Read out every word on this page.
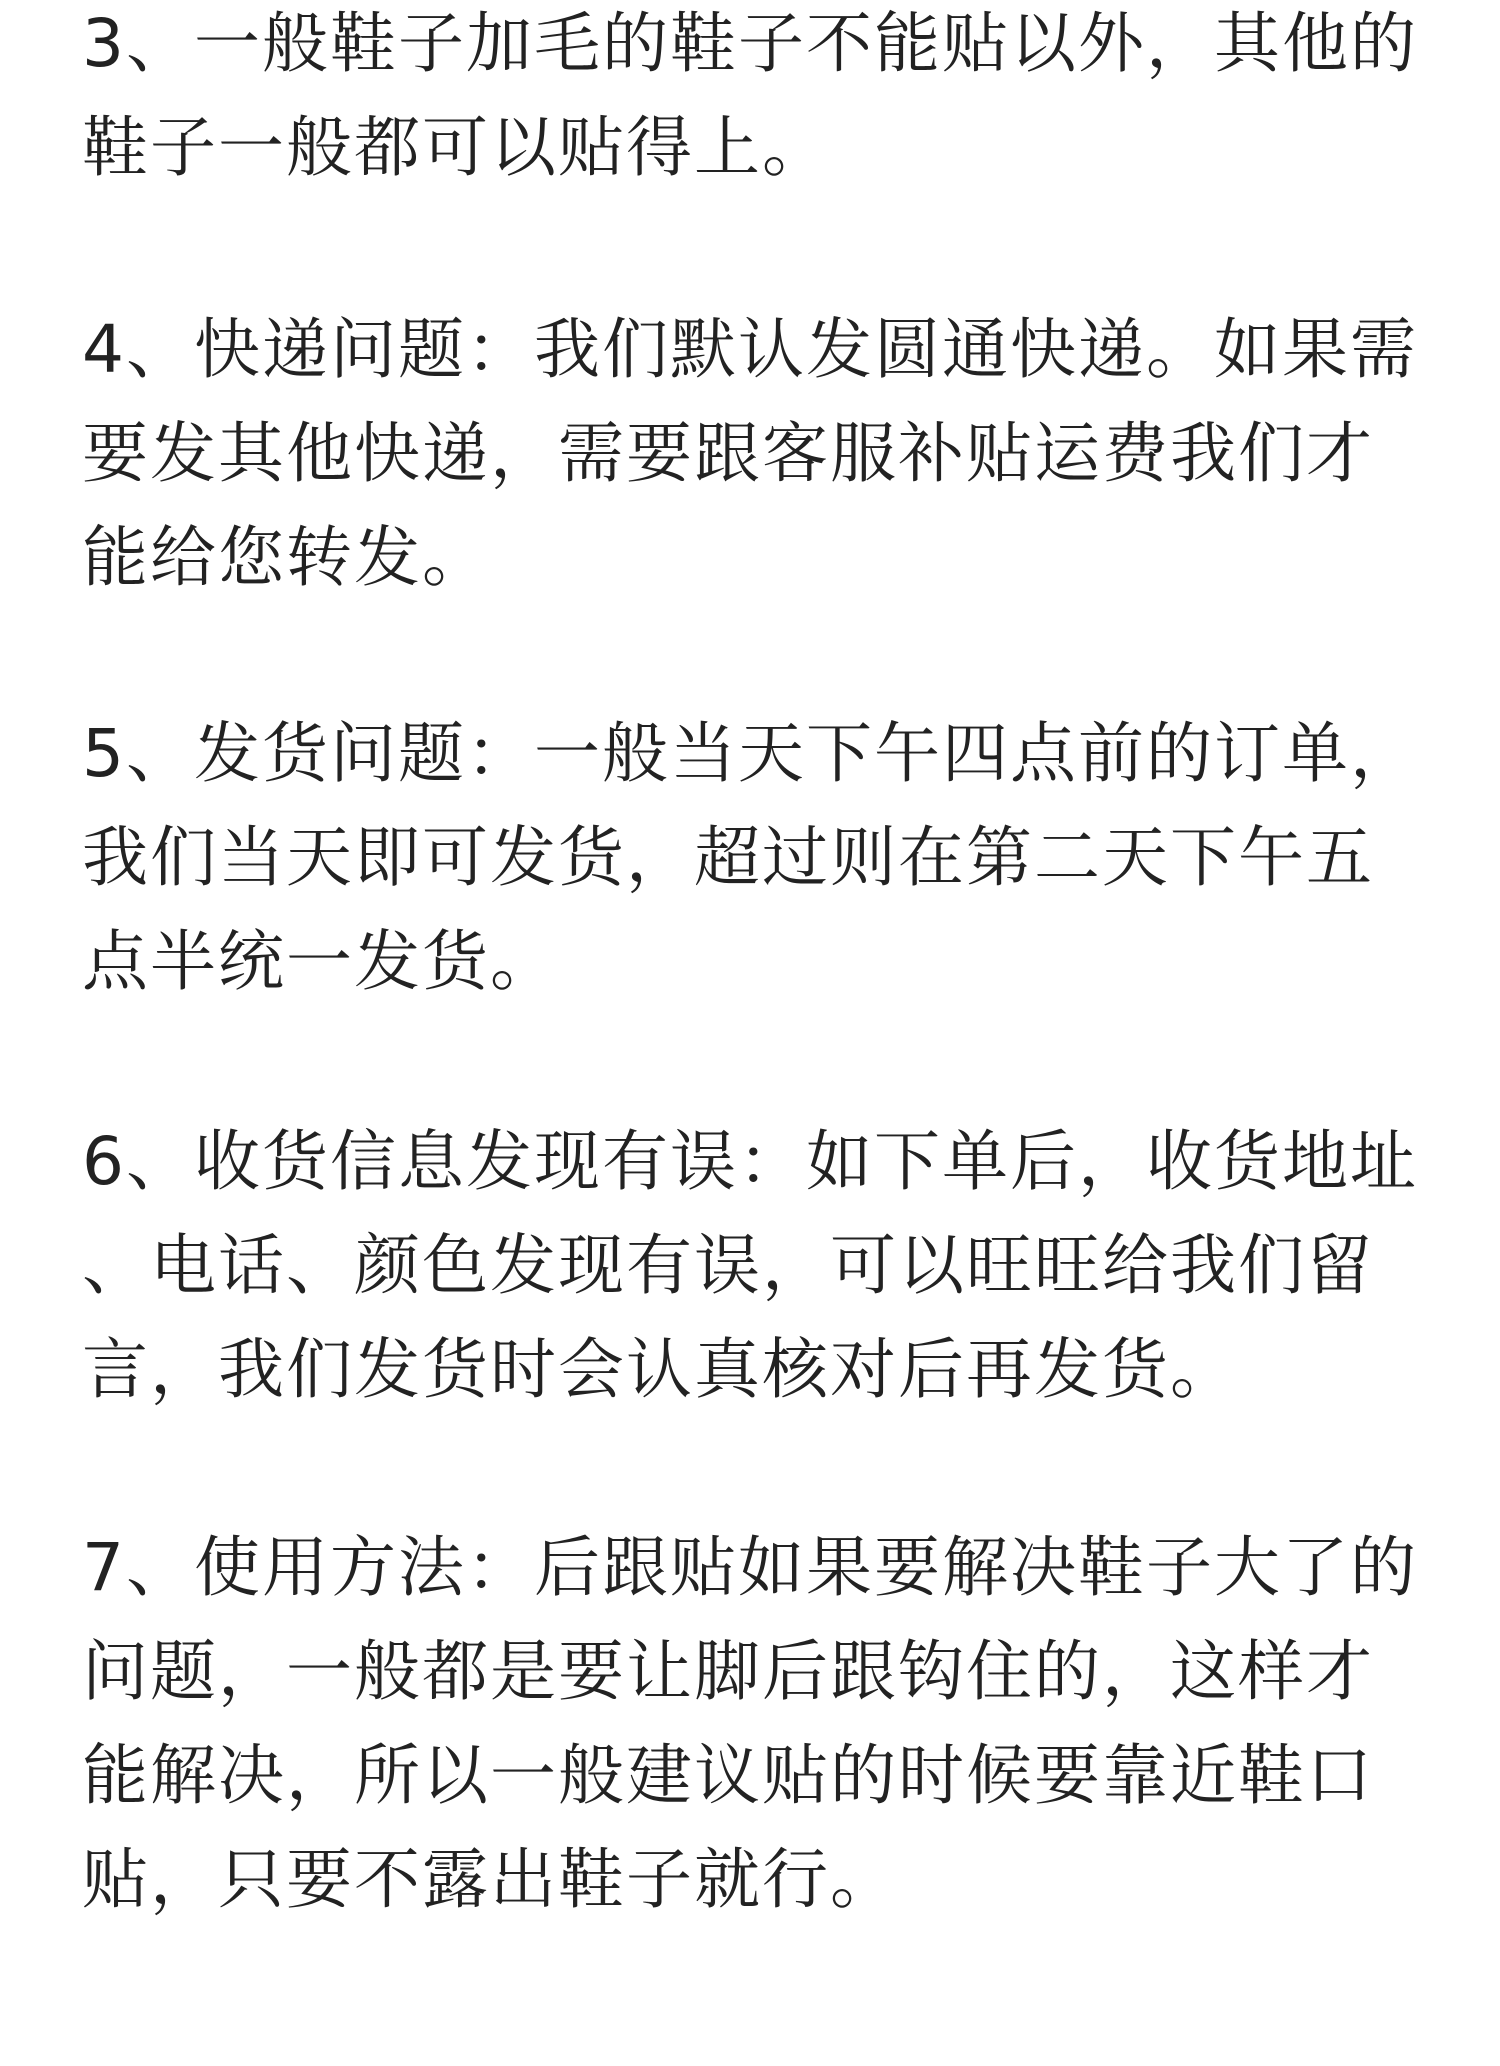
3、一般鞋子加毛的鞋子不能贴以外，其他的
鞋子一般都可以贴得上。
4、快递问题：我们默认发圆通快递。如果需
要发其他快递，需要跟客服补贴运费我们才
能给您转发。
5、发货问题：一般当天下午四点前的订单，
我们当天即可发货，超过则在第二天下午五
点半统一发货。
6、收货信息发现有误：如下单后，收货地址
、电话、颜色发现有误，可以旺旺给我们留
言，我们发货时会认真核对后再发货。
7、使用方法：后跟贴如果要解决鞋子大了的
问题，一般都是要让脚后跟钩住的，这样才
能解决，所以一般建议贴的时候要靠近鞋口
贴，只要不露出鞋子就行。
